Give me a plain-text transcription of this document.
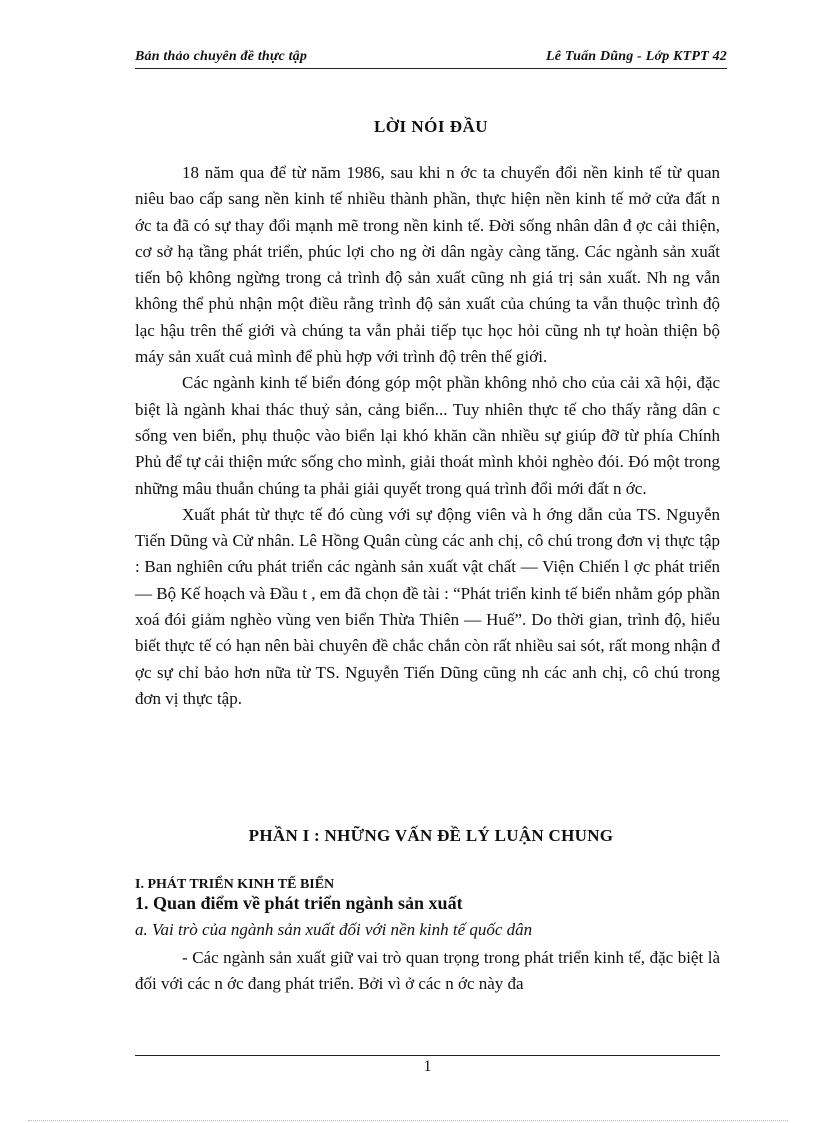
Bản thảo chuyên đề thực tập	Lê Tuấn Dũng - Lớp KTPT 42
LỜI NÓI ĐẦU

18 năm qua để từ năm 1986, sau khi n ớc ta chuyển đổi nền kinh tế từ quan niêu bao cấp sang nền kinh tế nhiều thành phần, thực hiện nền kinh tế mở cửa đất n ớc ta đã có sự thay đổi mạnh mẽ trong nền kinh tế. Đời sống nhân dân đ ợc cải thiện, cơ sở hạ tầng phát triển, phúc lợi cho ng ời dân ngày càng tăng. Các ngành sản xuất tiến bộ không ngừng trong cả trình độ sản xuất cũng nh giá trị sản xuất. Nh ng vẫn không thể phủ nhận một điều rằng trình độ sản xuất của chúng ta vẫn thuộc trình độ lạc hậu trên thế giới và chúng ta vẫn phải tiếp tục học hỏi cũng nh tự hoàn thiện bộ máy sản xuất cuả mình để phù hợp với trình độ trên thế giới.

Các ngành kinh tế biển đóng góp một phần không nhỏ cho của cải xã hội, đặc biệt là ngành khai thác thuỷ sản, cảng biển... Tuy nhiên thực tế cho thấy rằng dân c sống ven biển, phụ thuộc vào biển lại khó khăn cần nhiều sự giúp đỡ từ phía Chính Phủ để tự cải thiện mức sống cho mình, giải thoát mình khỏi nghèo đói. Đó một trong những mâu thuẫn chúng ta phải giải quyết trong quá trình đổi mới đất n ớc.

Xuất phát từ thực tế đó cùng với sự động viên và h ớng dẫn của TS. Nguyễn Tiến Dũng và Cử nhân. Lê Hồng Quân cùng các anh chị, cô chú trong đơn vị thực tập : Ban nghiên cứu phát triển các ngành sản xuất vật chất — Viện Chiến l ợc phát triển — Bộ Kế hoạch và Đầu t , em đã chọn đề tài : “Phát triển kinh tế biển nhằm góp phần xoá đói giảm nghèo vùng ven biển Thừa Thiên — Huế”. Do thời gian, trình độ, hiểu biết thực tế có hạn nên bài chuyên đề chắc chắn còn rất nhiều sai sót, rất mong nhận đ ợc sự chỉ bảo hơn nữa từ TS. Nguyễn Tiến Dũng cũng nh các anh chị, cô chú trong đơn vị thực tập.

PHẦN I : NHỮNG VẤN ĐỀ LÝ LUẬN CHUNG
I. PHÁT TRIỂN KINH TẾ BIỂN
1. Quan điểm về phát triển ngành sản xuất
a. Vai trò của ngành sản xuất đối với nền kinh tế quốc dân

- Các ngành sản xuất giữ vai trò quan trọng trong phát triển kinh tế, đặc biệt là đối với các n ớc đang phát triển. Bởi vì ở các n ớc này đa

1
